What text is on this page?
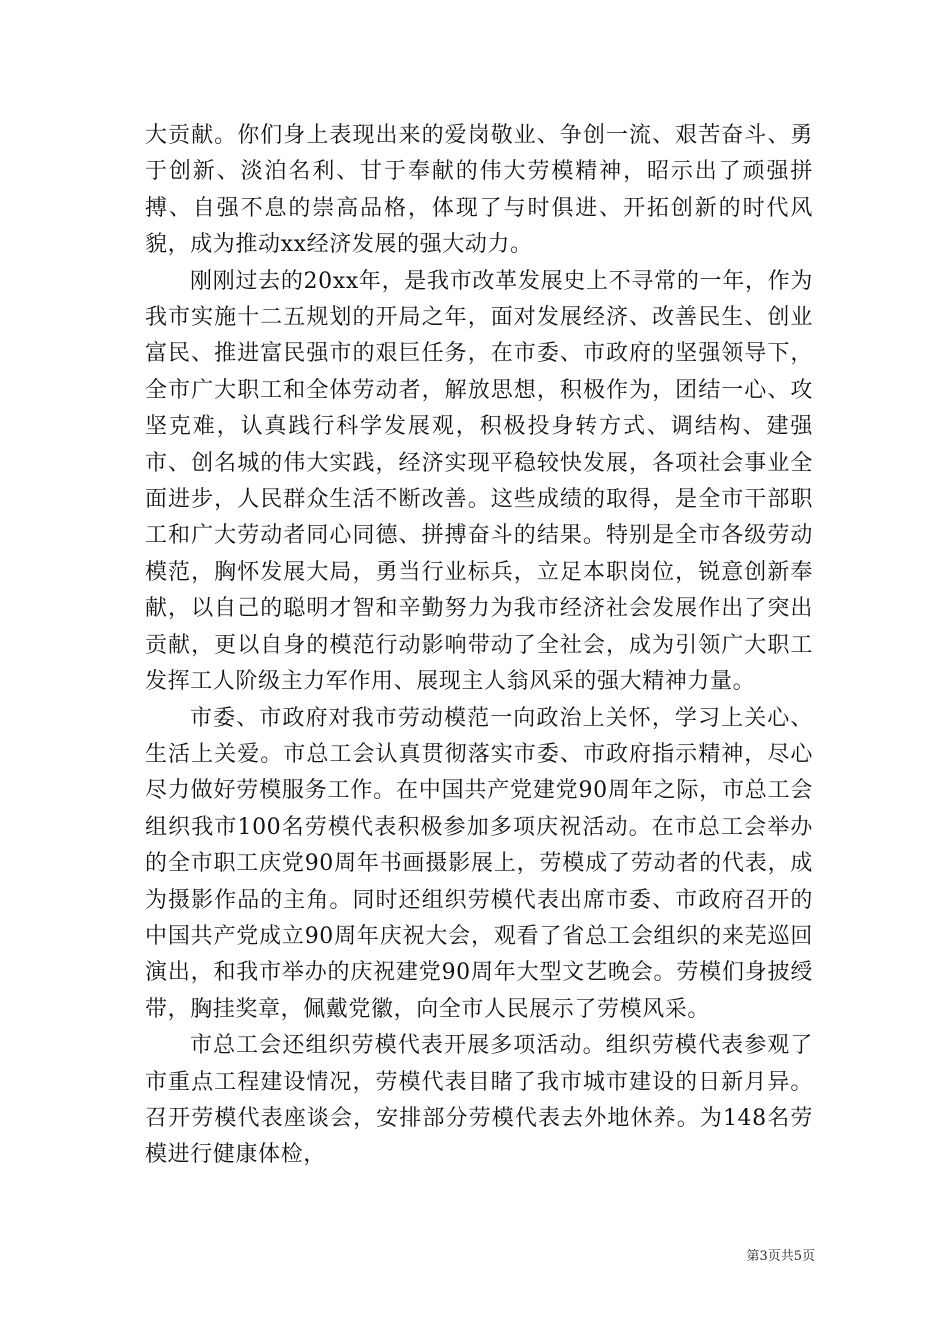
大贡献。你们身上表现出来的爱岗敬业、争创一流、艰苦奋斗、勇于创新、淡泊名利、甘于奉献的伟大劳模精神，昭示出了顽强拼搏、自强不息的崇高品格，体现了与时俱进、开拓创新的时代风貌，成为推动xx经济发展的强大动力。

刚刚过去的20xx年，是我市改革发展史上不寻常的一年，作为我市实施十二五规划的开局之年，面对发展经济、改善民生、创业富民、推进富民强市的艰巨任务，在市委、市政府的坚强领导下，全市广大职工和全体劳动者，解放思想，积极作为，团结一心、攻坚克难，认真践行科学发展观，积极投身转方式、调结构、建强市、创名城的伟大实践，经济实现平稳较快发展，各项社会事业全面进步，人民群众生活不断改善。这些成绩的取得，是全市干部职工和广大劳动者同心同德、拼搏奋斗的结果。特别是全市各级劳动模范，胸怀发展大局，勇当行业标兵，立足本职岗位，锐意创新奉献，以自己的聪明才智和辛勤努力为我市经济社会发展作出了突出贡献，更以自身的模范行动影响带动了全社会，成为引领广大职工发挥工人阶级主力军作用、展现主人翁风采的强大精神力量。

市委、市政府对我市劳动模范一向政治上关怀，学习上关心、生活上关爱。市总工会认真贯彻落实市委、市政府指示精神，尽心尽力做好劳模服务工作。在中国共产党建党90周年之际，市总工会组织我市100名劳模代表积极参加多项庆祝活动。在市总工会举办的全市职工庆党90周年书画摄影展上，劳模成了劳动者的代表，成为摄影作品的主角。同时还组织劳模代表出席市委、市政府召开的中国共产党成立90周年庆祝大会，观看了省总工会组织的来芜巡回演出，和我市举办的庆祝建党90周年大型文艺晚会。劳模们身披绶带，胸挂奖章，佩戴党徽，向全市人民展示了劳模风采。

市总工会还组织劳模代表开展多项活动。组织劳模代表参观了市重点工程建设情况，劳模代表目睹了我市城市建设的日新月异。召开劳模代表座谈会，安排部分劳模代表去外地休养。为148名劳模进行健康体检，

第3页共5页
